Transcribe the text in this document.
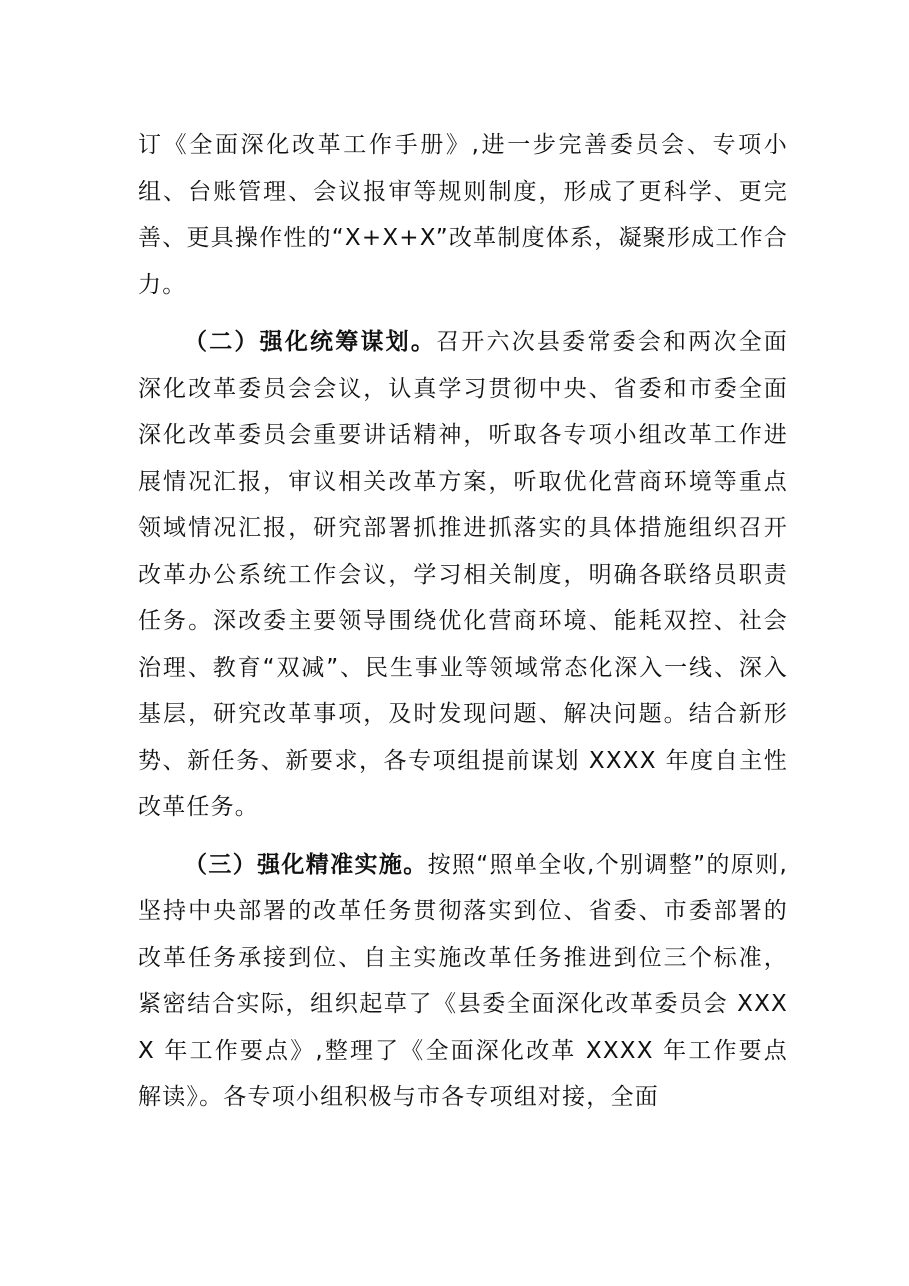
订《全面深化改革工作手册》,进一步完善委员会、专项小组、台账管理、会议报审等规则制度，形成了更科学、更完善、更具操作性的“X+X+X”改革制度体系，凝聚形成工作合力。

（二）强化统筹谋划。召开六次县委常委会和两次全面深化改革委员会会议，认真学习贯彻中央、省委和市委全面深化改革委员会重要讲话精神，听取各专项小组改革工作进展情况汇报，审议相关改革方案，听取优化营商环境等重点领域情况汇报，研究部署抓推进抓落实的具体措施组织召开改革办公系统工作会议，学习相关制度，明确各联络员职责任务。深改委主要领导围绕优化营商环境、能耗双控、社会治理、教育“双减”、民生事业等领域常态化深入一线、深入基层，研究改革事项，及时发现问题、解决问题。结合新形势、新任务、新要求，各专项组提前谋划 XXXX 年度自主性改革任务。

（三）强化精准实施。按照“照单全收,个别调整”的原则,坚持中央部署的改革任务贯彻落实到位、省委、市委部署的改革任务承接到位、自主实施改革任务推进到位三个标准，紧密结合实际，组织起草了《县委全面深化改革委员会 XXXX 年工作要点》,整理了《全面深化改革 XXXX 年工作要点解读》。各专项小组积极与市各专项组对接，全面
